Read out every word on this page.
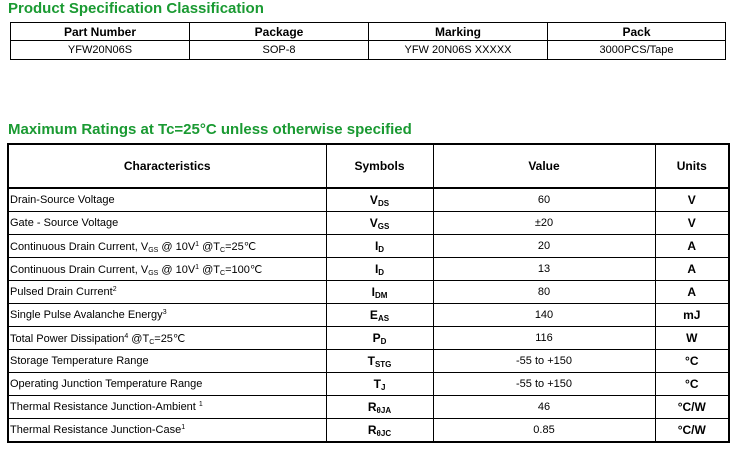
Product Specification Classification
Part Number	Package	Marking	Pack
YFW20N06S	SOP-8	YFW 20N06S XXXXX	3000PCS/Tape
Maximum Ratings at Tc=25°C unless otherwise specified
Characteristics	Symbols	Value	Units
Drain-Source Voltage	$V_{DS}$	60	V
Gate - Source Voltage	$V_{GS}$	±20	V
Continuous Drain Current, $V_{GS}$ @ $10V^1$ $@T_C=25℃$	$I_D$	20	A
Continuous Drain Current, $V_{GS}$ @ $10V^1$ $@T_C=100℃$	$I_D$	13	A
Pulsed Drain Current$^2$	$I_{DM}$	80	A
Single Pulse Avalanche Energy$^3$	$E_{AS}$	140	mJ
Total Power Dissipation$^4$ $@T_C=25℃$	$P_D$	116	W
Storage Temperature Range	$T_{STG}$	-55 to +150	°C
Operating Junction Temperature Range	$T_J$	-55 to +150	°C
Thermal Resistance Junction-Ambient $^1$	$R_{\theta JA}$	46	°C/W
Thermal Resistance Junction-Case$^1$	$R_{\theta JC}$	0.85	°C/W
